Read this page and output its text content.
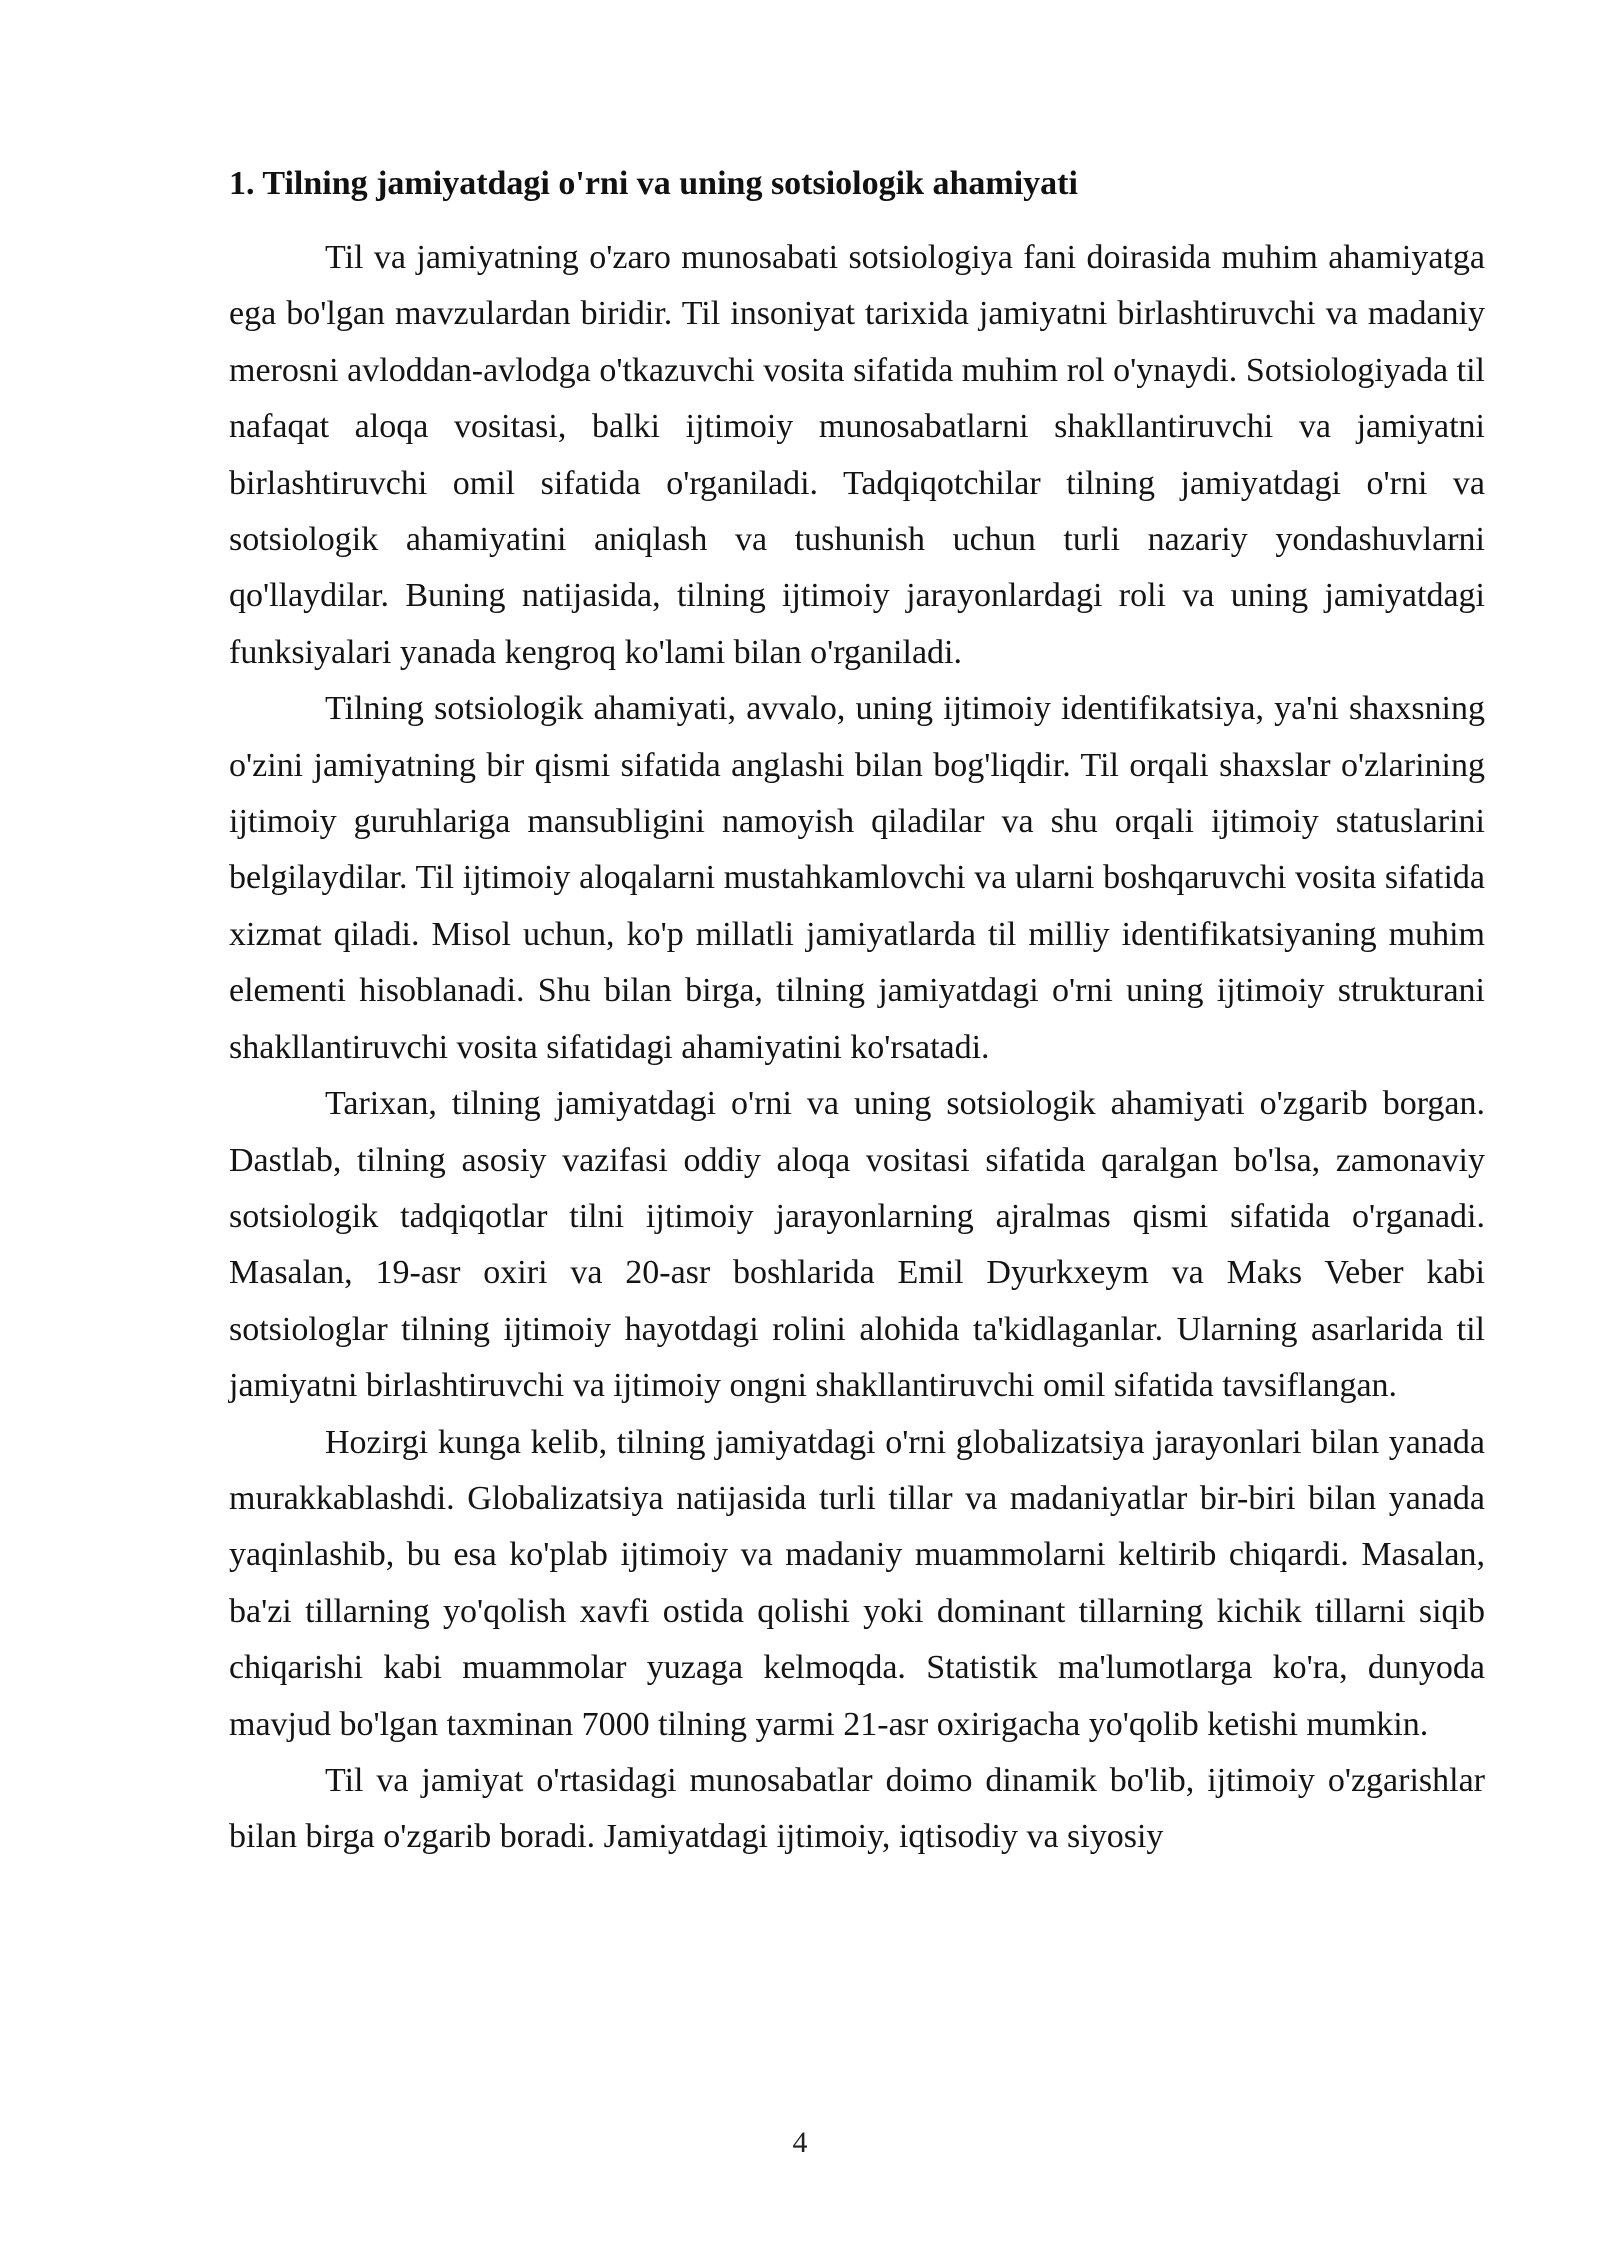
1. Tilning jamiyatdagi o'rni va uning sotsiologik ahamiyati

Til va jamiyatning o'zaro munosabati sotsiologiya fani doirasida muhim ahamiyatga ega bo'lgan mavzulardan biridir. Til insoniyat tarixida jamiyatni birlashtiruvchi va madaniy merosni avloddan-avlodga o'tkazuvchi vosita sifatida muhim rol o'ynaydi. Sotsiologiyada til nafaqat aloqa vositasi, balki ijtimoiy munosabatlarni shakllantiruvchi va jamiyatni birlashtiruvchi omil sifatida o'rganiladi. Tadqiqotchilar tilning jamiyatdagi o'rni va sotsiologik ahamiyatini aniqlash va tushunish uchun turli nazariy yondashuvlarni qo'llaydilar. Buning natijasida, tilning ijtimoiy jarayonlardagi roli va uning jamiyatdagi funksiyalari yanada kengroq ko'lami bilan o'rganiladi.

Tilning sotsiologik ahamiyati, avvalo, uning ijtimoiy identifikatsiya, ya'ni shaxsning o'zini jamiyatning bir qismi sifatida anglashi bilan bog'liqdir. Til orqali shaxslar o'zlarining ijtimoiy guruhlariga mansubligini namoyish qiladilar va shu orqali ijtimoiy statuslarini belgilaydilar. Til ijtimoiy aloqalarni mustahkamlovchi va ularni boshqaruvchi vosita sifatida xizmat qiladi. Misol uchun, ko'p millatli jamiyatlarda til milliy identifikatsiyaning muhim elementi hisoblanadi. Shu bilan birga, tilning jamiyatdagi o'rni uning ijtimoiy strukturani shakllantiruvchi vosita sifatidagi ahamiyatini ko'rsatadi.

Tarixan, tilning jamiyatdagi o'rni va uning sotsiologik ahamiyati o'zgarib borgan. Dastlab, tilning asosiy vazifasi oddiy aloqa vositasi sifatida qaralgan bo'lsa, zamonaviy sotsiologik tadqiqotlar tilni ijtimoiy jarayonlarning ajralmas qismi sifatida o'rganadi. Masalan, 19-asr oxiri va 20-asr boshlarida Emil Dyurkxeym va Maks Veber kabi sotsiologlar tilning ijtimoiy hayotdagi rolini alohida ta'kidlaganlar. Ularning asarlarida til jamiyatni birlashtiruvchi va ijtimoiy ongni shakllantiruvchi omil sifatida tavsiflangan.

Hozirgi kunga kelib, tilning jamiyatdagi o'rni globalizatsiya jarayonlari bilan yanada murakkablashdi. Globalizatsiya natijasida turli tillar va madaniyatlar bir-biri bilan yanada yaqinlashib, bu esa ko'plab ijtimoiy va madaniy muammolarni keltirib chiqardi. Masalan, ba'zi tillarning yo'qolish xavfi ostida qolishi yoki dominant tillarning kichik tillarni siqib chiqarishi kabi muammolar yuzaga kelmoqda. Statistik ma'lumotlarga ko'ra, dunyoda mavjud bo'lgan taxminan 7000 tilning yarmi 21-asr oxirigacha yo'qolib ketishi mumkin.

Til va jamiyat o'rtasidagi munosabatlar doimo dinamik bo'lib, ijtimoiy o'zgarishlar bilan birga o'zgarib boradi. Jamiyatdagi ijtimoiy, iqtisodiy va siyosiy

4
